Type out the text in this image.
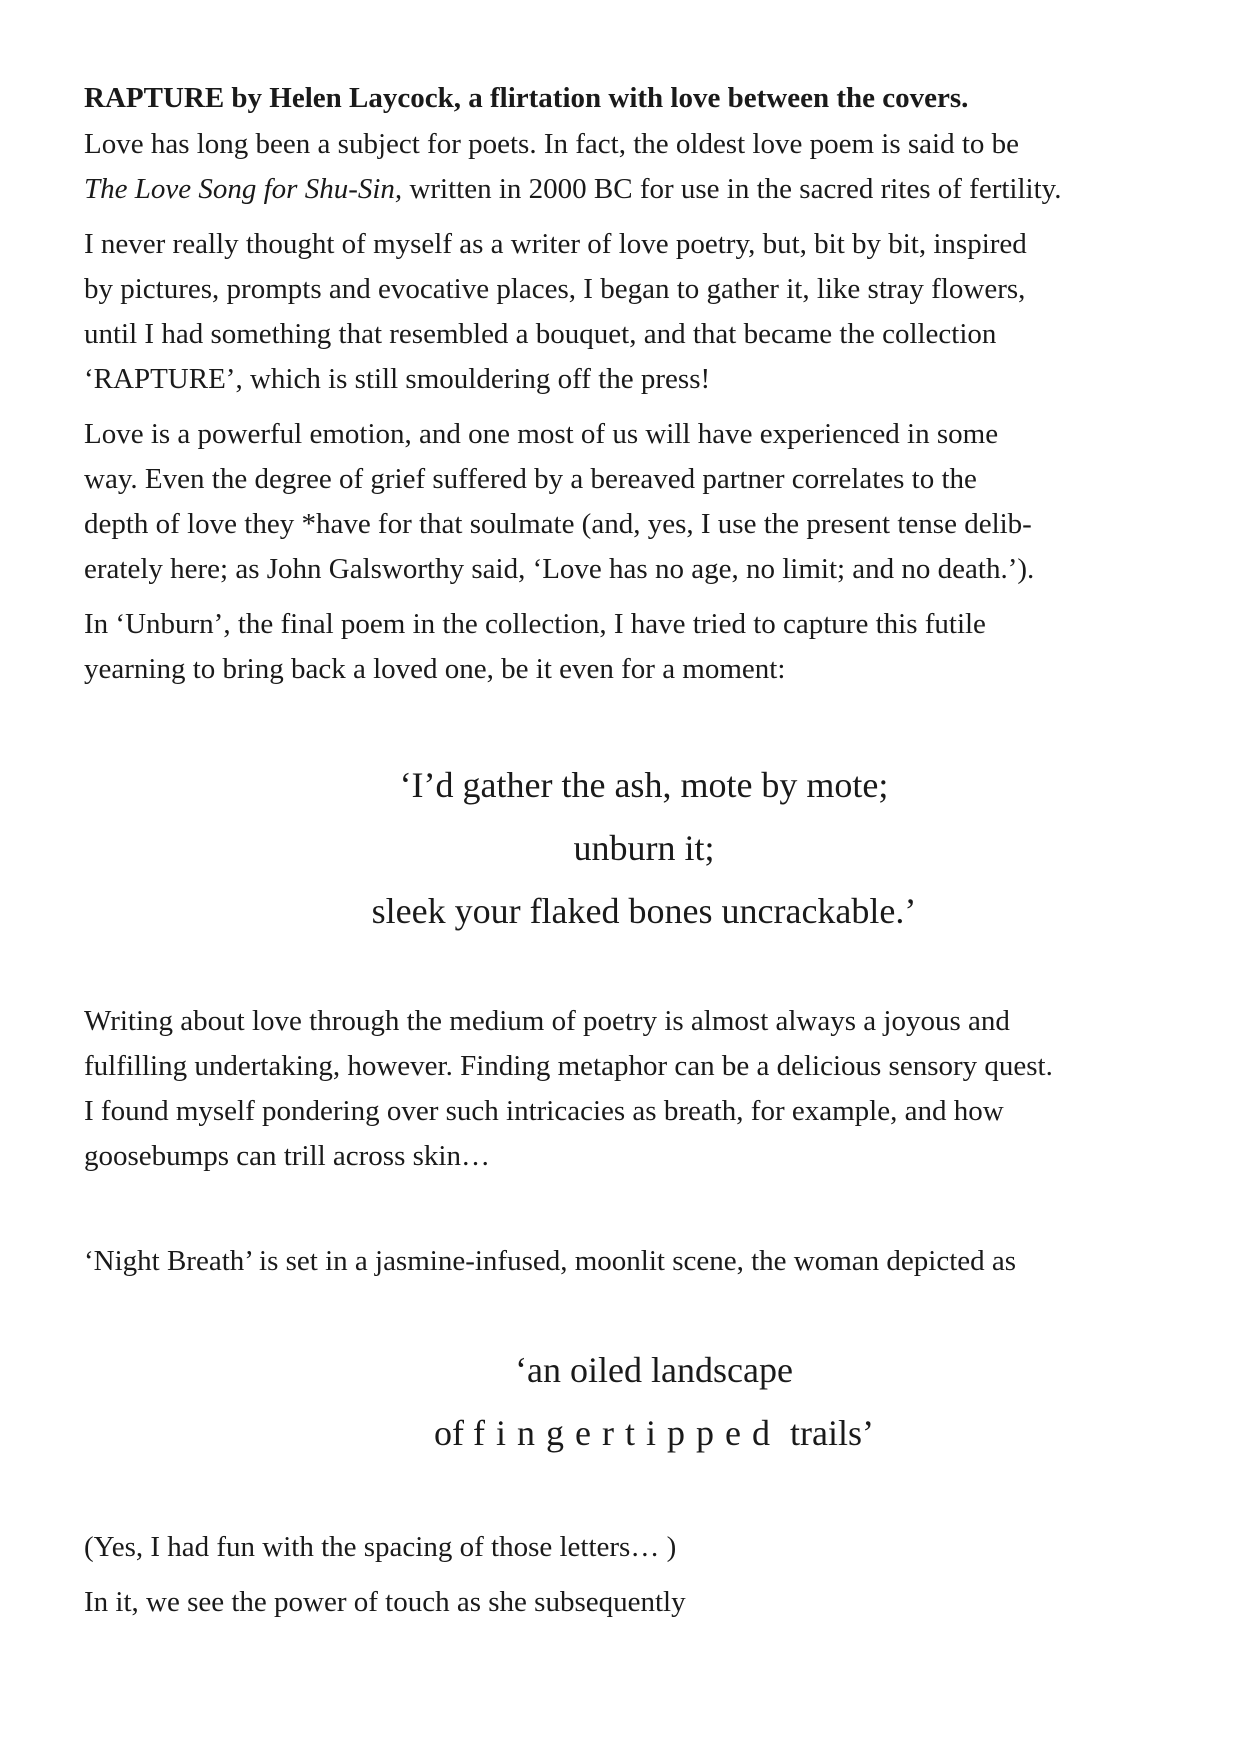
RAPTURE by Helen Laycock, a flirtation with love between the covers.

Love has long been a subject for poets. In fact, the oldest love poem is said to be
The Love Song for Shu-Sin, written in 2000 BC for use in the sacred rites of fertility.

I never really thought of myself as a writer of love poetry, but, bit by bit, inspired
by pictures, prompts and evocative places, I began to gather it, like stray flowers,
until I had something that resembled a bouquet, and that became the collection
‘RAPTURE’, which is still smouldering off the press!

Love is a powerful emotion, and one most of us will have experienced in some
way. Even the degree of grief suffered by a bereaved partner correlates to the
depth of love they *have for that soulmate (and, yes, I use the present tense delib-
erately here; as John Galsworthy said, ‘Love has no age, no limit; and no death.’).

In ‘Unburn’, the final poem in the collection, I have tried to capture this futile
yearning to bring back a loved one, be it even for a moment:

‘I’d gather the ash, mote by mote;
unburn it;
sleek your flaked bones uncrackable.’

Writing about love through the medium of poetry is almost always a joyous and
fulfilling undertaking, however. Finding metaphor can be a delicious sensory quest.
I found myself pondering over such intricacies as breath, for example, and how
goosebumps can trill across skin…

‘Night Breath’ is set in a jasmine-infused, moonlit scene, the woman depicted as

‘an oiled landscape
of fingertipped trails’

(Yes, I had fun with the spacing of those letters… )

In it, we see the power of touch as she subsequently
